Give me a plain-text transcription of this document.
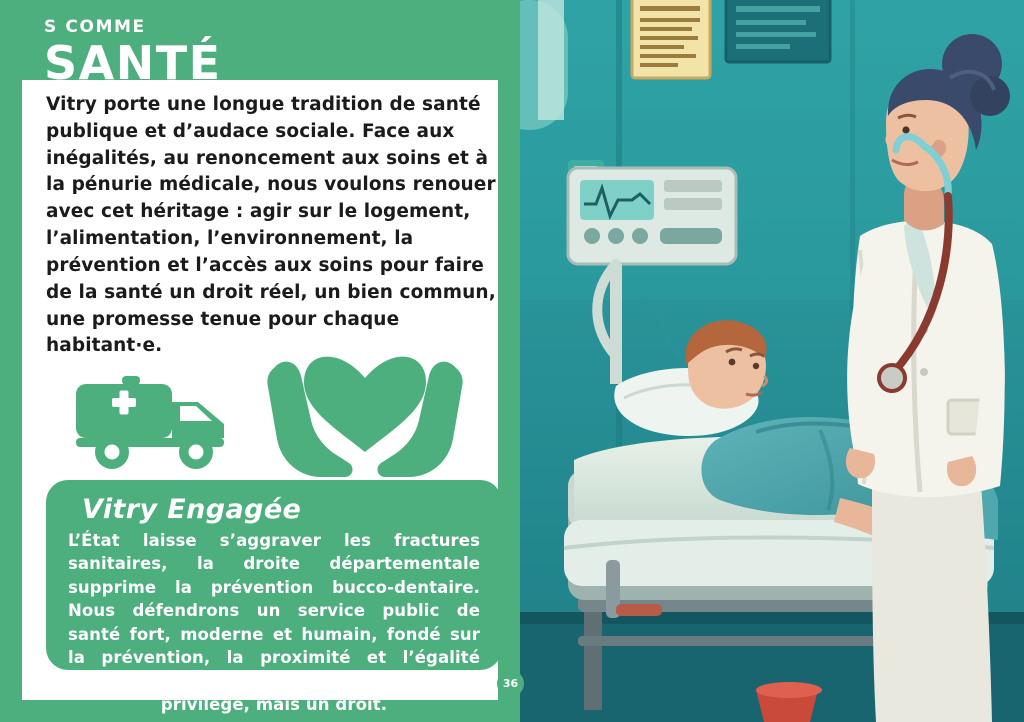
S COMME
SANTÉ
Vitry porte une longue tradition de santé publique et d’audace sociale. Face aux inégalités, au renoncement aux soins et à la pénurie médicale, nous voulons renouer avec cet héritage : agir sur le logement, l’alimentation, l’environnement, la prévention et l’accès aux soins pour faire de la santé un droit réel, un bien commun, une promesse tenue pour chaque habitant·e.
Vitry Engagée
L’État laisse s’aggraver les fractures sanitaires, la droite départementale supprime la prévention bucco-dentaire. Nous défendrons un service public de santé fort, moderne et humain, fondé sur la prévention, la proximité et l’égalité d’accès. Ici, la santé ne sera jamais un privilège, mais un droit.
36
